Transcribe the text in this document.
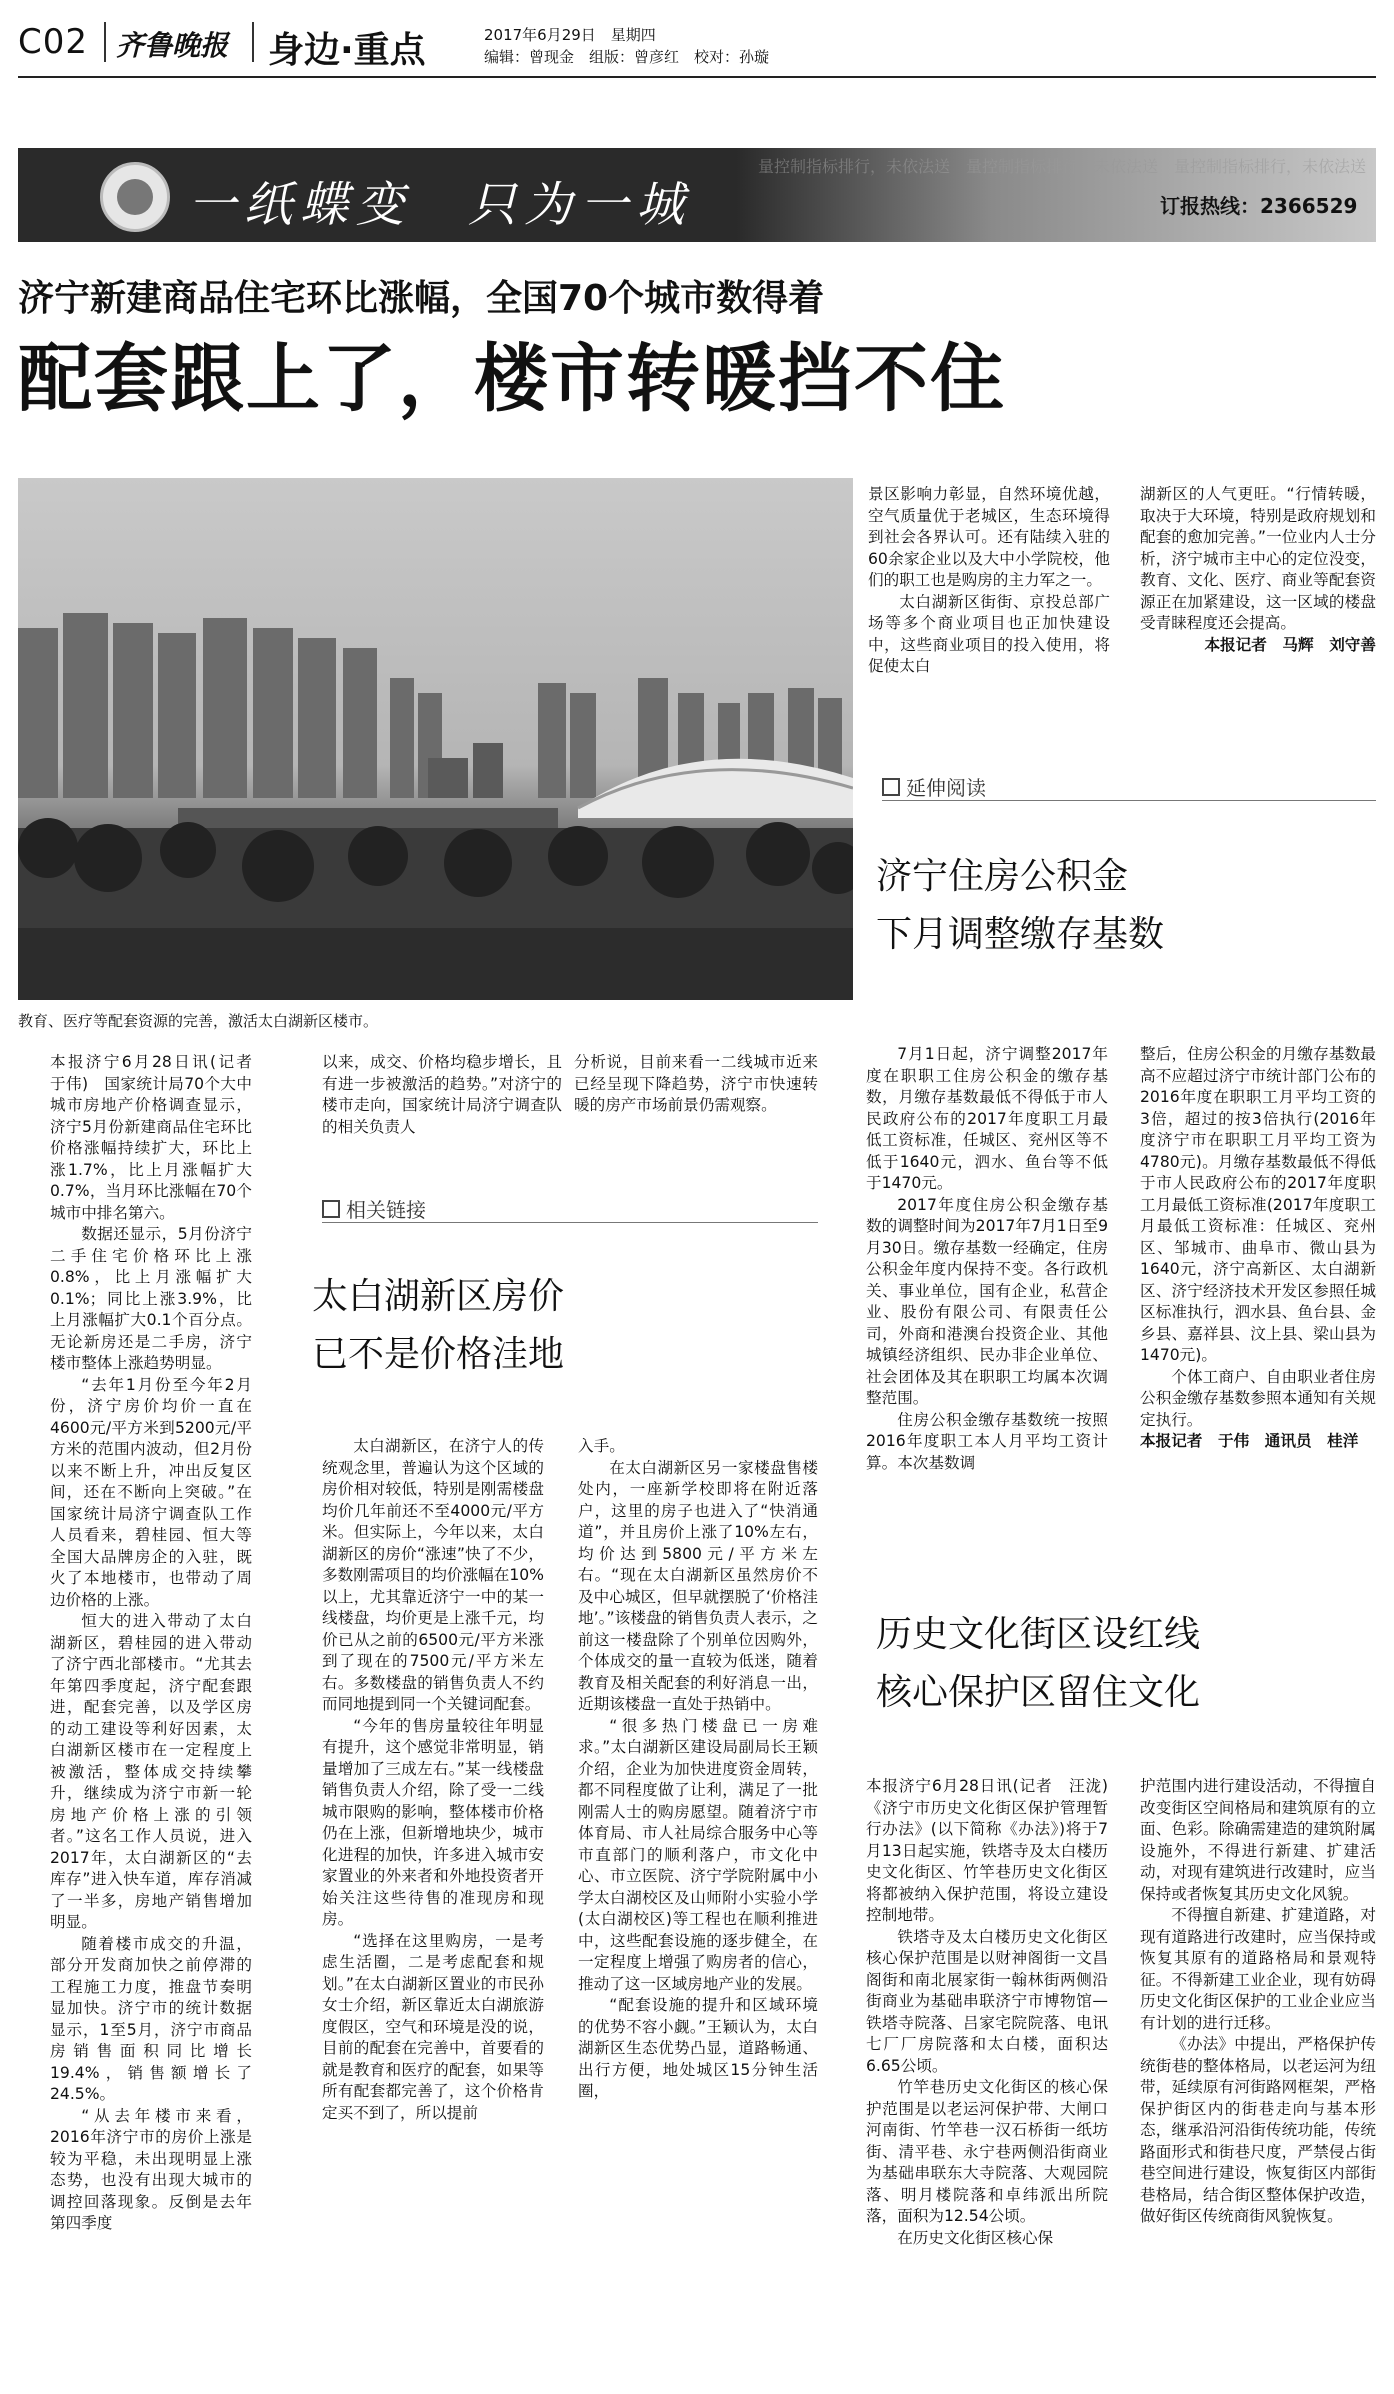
C02 齐鲁晚报 身边·重点	2017年6月29日　星期四
编辑：曾现金　组版：曾彦红　校对：孙璇
量控制指标排行，未依法送　量控制指标排行，未依法送　量控制指标排行，未依法送
一纸蝶变　只为一城	订报热线：2366529
济宁新建商品住宅环比涨幅，全国70个城市数得着
配套跟上了，楼市转暖挡不住
教育、医疗等配套资源的完善，激活太白湖新区楼市。

本报济宁6月28日讯(记者　于伟)　国家统计局70个大中城市房地产价格调查显示，济宁5月份新建商品住宅环比价格涨幅持续扩大，环比上涨1.7%，比上月涨幅扩大0.7%，当月环比涨幅在70个城市中排名第六。

数据还显示，5月份济宁二手住宅价格环比上涨0.8%，比上月涨幅扩大0.1%；同比上涨3.9%，比上月涨幅扩大0.1个百分点。无论新房还是二手房，济宁楼市整体上涨趋势明显。

“去年1月份至今年2月份，济宁房价均价一直在4600元/平方米到5200元/平方米的范围内波动，但2月份以来不断上升，冲出反复区间，还在不断向上突破。”在国家统计局济宁调查队工作人员看来，碧桂园、恒大等全国大品牌房企的入驻，既火了本地楼市，也带动了周边价格的上涨。

恒大的进入带动了太白湖新区，碧桂园的进入带动了济宁西北部楼市。“尤其去年第四季度起，济宁配套跟进，配套完善，以及学区房的动工建设等利好因素，太白湖新区楼市在一定程度上被激活，整体成交持续攀升，继续成为济宁市新一轮房地产价格上涨的引领者。”这名工作人员说，进入2017年，太白湖新区的“去库存”进入快车道，库存消减了一半多，房地产销售增加明显。

随着楼市成交的升温，部分开发商加快之前停滞的工程施工力度，推盘节奏明显加快。济宁市的统计数据显示，1至5月，济宁市商品房销售面积同比增长19.4%，销售额增长了24.5%。

“从去年楼市来看，2016年济宁市的房价上涨是较为平稳，未出现明显上涨态势，也没有出现大城市的调控回落现象。反倒是去年第四季度

以来，成交、价格均稳步增长，且有进一步被激活的趋势。”对济宁的楼市走向，国家统计局济宁调查队的相关负责人

分析说，目前来看一二线城市近来已经呈现下降趋势，济宁市快速转暖的房产市场前景仍需观察。

景区影响力彰显，自然环境优越，空气质量优于老城区，生态环境得到社会各界认可。还有陆续入驻的60余家企业以及大中小学院校，他们的职工也是购房的主力军之一。

太白湖新区街街、京投总部广场等多个商业项目也正加快建设中，这些商业项目的投入使用，将促使太白

湖新区的人气更旺。“行情转暖，取决于大环境，特别是政府规划和配套的愈加完善。”一位业内人士分析，济宁城市主中心的定位没变，教育、文化、医疗、商业等配套资源正在加紧建设，这一区域的楼盘受青睐程度还会提高。

本报记者　马辉　刘守善

相关链接
太白湖新区房价
已不是价格洼地

太白湖新区，在济宁人的传统观念里，普遍认为这个区域的房价相对较低，特别是刚需楼盘均价几年前还不至4000元/平方米。但实际上，今年以来，太白湖新区的房价“涨速”快了不少，多数刚需项目的均价涨幅在10%以上，尤其靠近济宁一中的某一线楼盘，均价更是上涨千元，均价已从之前的6500元/平方米涨到了现在的7500元/平方米左右。多数楼盘的销售负责人不约而同地提到同一个关键词配套。

“今年的售房量较往年明显有提升，这个感觉非常明显，销量增加了三成左右。”某一线楼盘销售负责人介绍，除了受一二线城市限购的影响，整体楼市价格仍在上涨，但新增地块少，城市化进程的加快，许多进入城市安家置业的外来者和外地投资者开始关注这些待售的准现房和现房。

“选择在这里购房，一是考虑生活圈，二是考虑配套和规划。”在太白湖新区置业的市民孙女士介绍，新区靠近太白湖旅游度假区，空气和环境是没的说，目前的配套在完善中，首要看的就是教育和医疗的配套，如果等所有配套都完善了，这个价格肯定买不到了，所以提前

入手。

在太白湖新区另一家楼盘售楼处内，一座新学校即将在附近落户，这里的房子也进入了“快消通道”，并且房价上涨了10%左右，均价达到5800元/平方米左右。“现在太白湖新区虽然房价不及中心城区，但早就摆脱了‘价格洼地’。”该楼盘的销售负责人表示，之前这一楼盘除了个别单位因购外，个体成交的量一直较为低迷，随着教育及相关配套的利好消息一出，近期该楼盘一直处于热销中。

“很多热门楼盘已一房难求。”太白湖新区建设局副局长王颖介绍，企业为加快进度资金周转，都不同程度做了让利，满足了一批刚需人士的购房愿望。随着济宁市体育局、市人社局综合服务中心等市直部门的顺利落户，市文化中心、市立医院、济宁学院附属中小学太白湖校区及山师附小实验小学(太白湖校区)等工程也在顺利推进中，这些配套设施的逐步健全，在一定程度上增强了购房者的信心，推动了这一区域房地产业的发展。

“配套设施的提升和区域环境的优势不容小觑。”王颖认为，太白湖新区生态优势凸显，道路畅通、出行方便，地处城区15分钟生活圈，

延伸阅读
济宁住房公积金
下月调整缴存基数

7月1日起，济宁调整2017年度在职职工住房公积金的缴存基数，月缴存基数最低不得低于市人民政府公布的2017年度职工月最低工资标准，任城区、兖州区等不低于1640元，泗水、鱼台等不低于1470元。

2017年度住房公积金缴存基数的调整时间为2017年7月1日至9月30日。缴存基数一经确定，住房公积金年度内保持不变。各行政机关、事业单位，国有企业，私营企业、股份有限公司、有限责任公司，外商和港澳台投资企业、其他城镇经济组织、民办非企业单位、社会团体及其在职职工均属本次调整范围。

住房公积金缴存基数统一按照2016年度职工本人月平均工资计算。本次基数调

整后，住房公积金的月缴存基数最高不应超过济宁市统计部门公布的2016年度在职职工月平均工资的3倍，超过的按3倍执行(2016年度济宁市在职职工月平均工资为4780元)。月缴存基数最低不得低于市人民政府公布的2017年度职工月最低工资标准(2017年度职工月最低工资标准：任城区、兖州区、邹城市、曲阜市、微山县为1640元，济宁高新区、太白湖新区、济宁经济技术开发区参照任城区标准执行，泗水县、鱼台县、金乡县、嘉祥县、汶上县、梁山县为1470元)。

个体工商户、自由职业者住房公积金缴存基数参照本通知有关规定执行。

本报记者　于伟　通讯员　桂洋

历史文化街区设红线
核心保护区留住文化

本报济宁6月28日讯(记者　汪泷)　《济宁市历史文化街区保护管理暂行办法》(以下简称《办法》)将于7月13日起实施，铁塔寺及太白楼历史文化街区、竹竿巷历史文化街区将都被纳入保护范围，将设立建设控制地带。

铁塔寺及太白楼历史文化街区核心保护范围是以财神阁街一文昌阁街和南北展家街一翰林街两侧沿街商业为基础串联济宁市博物馆—铁塔寺院落、吕家宅院院落、电讯七厂厂房院落和太白楼，面积达6.65公顷。

竹竿巷历史文化街区的核心保护范围是以老运河保护带、大闸口河南街、竹竿巷一汉石桥街一纸坊街、清平巷、永宁巷两侧沿街商业为基础串联东大寺院落、大观园院落、明月楼院落和卓纬派出所院落，面积为12.54公顷。

在历史文化街区核心保

护范围内进行建设活动，不得擅自改变街区空间格局和建筑原有的立面、色彩。除确需建造的建筑附属设施外，不得进行新建、扩建活动，对现有建筑进行改建时，应当保持或者恢复其历史文化风貌。

不得擅自新建、扩建道路，对现有道路进行改建时，应当保持或恢复其原有的道路格局和景观特征。不得新建工业企业，现有妨碍历史文化街区保护的工业企业应当有计划的进行迁移。

《办法》中提出，严格保护传统街巷的整体格局，以老运河为纽带，延续原有河街路网框架，严格保护街区内的街巷走向与基本形态，继承沿河沿街传统功能，传统路面形式和街巷尺度，严禁侵占街巷空间进行建设，恢复街区内部街巷格局，结合街区整体保护改造，做好街区传统商街风貌恢复。
